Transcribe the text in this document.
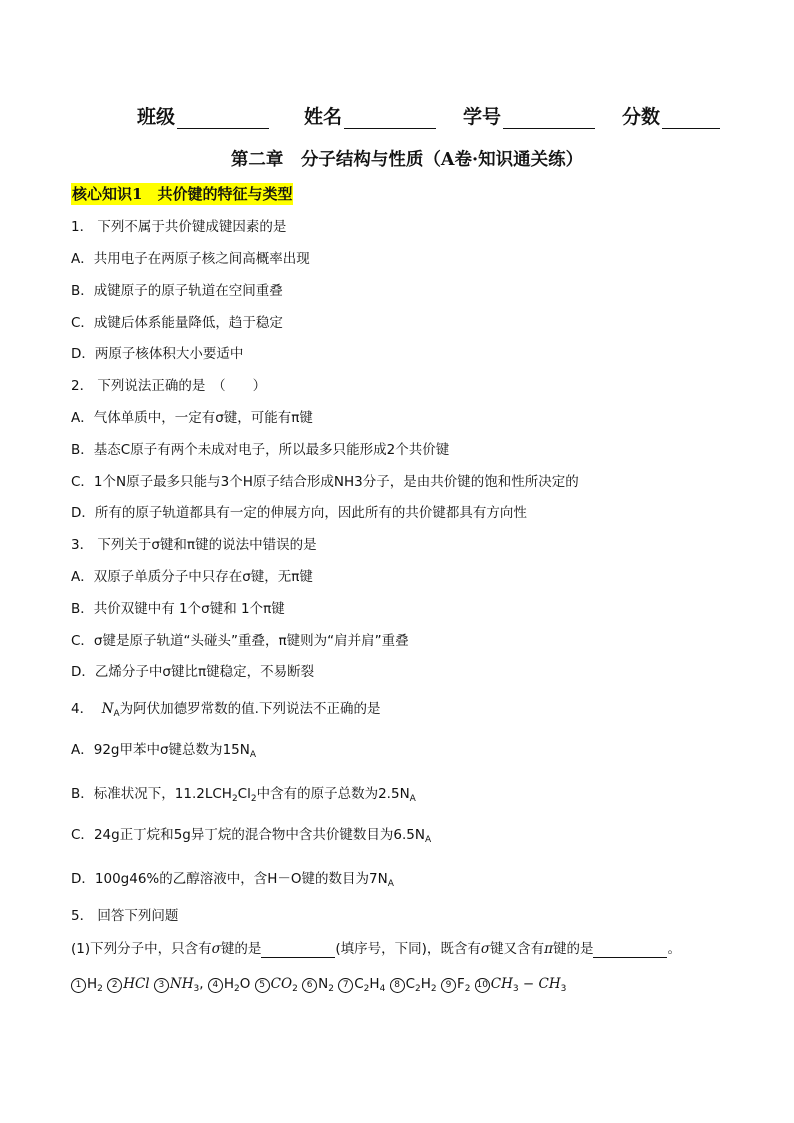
班级	姓名	学号	分数
第二章　分子结构与性质（A卷·知识通关练）
核心知识1　共价键的特征与类型
1． 下列不属于共价键成键因素的是
A．共用电子在两原子核之间高概率出现
B．成键原子的原子轨道在空间重叠
C．成键后体系能量降低，趋于稳定
D．两原子核体积大小要适中
2． 下列说法正确的是　（　　）
A．气体单质中，一定有σ键，可能有π键
B．基态C原子有两个未成对电子，所以最多只能形成2个共价键
C．1个N原子最多只能与3个H原子结合形成NH3分子，是由共价键的饱和性所决定的
D．所有的原子轨道都具有一定的伸展方向，因此所有的共价键都具有方向性
3． 下列关于σ键和π键的说法中错误的是
A．双原子单质分子中只存在σ键，无π键
B．共价双键中有 1个σ键和 1个π键
C．σ键是原子轨道“头碰头”重叠，π键则为“肩并肩”重叠
D．乙烯分子中σ键比π键稳定，不易断裂
4． $N_A$为阿伏加德罗常数的值.下列说法不正确的是
A．92g甲苯中σ键总数为$15N_A$
B．标准状况下，$11.2LCH_2Cl_2$中含有的原子总数为$2.5N_A$
C．24g正丁烷和5g异丁烷的混合物中含共价键数目为$6.5N_A$
D．100g46%的乙醇溶液中，含H－O键的数目为$7N_A$
5． 回答下列问题
(1)下列分子中，只含有σ键的是	(填序号，下同)，既含有σ键又含有π键的是	。
1 $H_2$ 2 HCl 3 $NH_3$, 4 $H_2O$ 5 $CO_2$ 6 $N_2$ 7 $C_2H_4$ 8 $C_2H_2$ 9 $F_2$ 10 $CH_3 - CH_3$
